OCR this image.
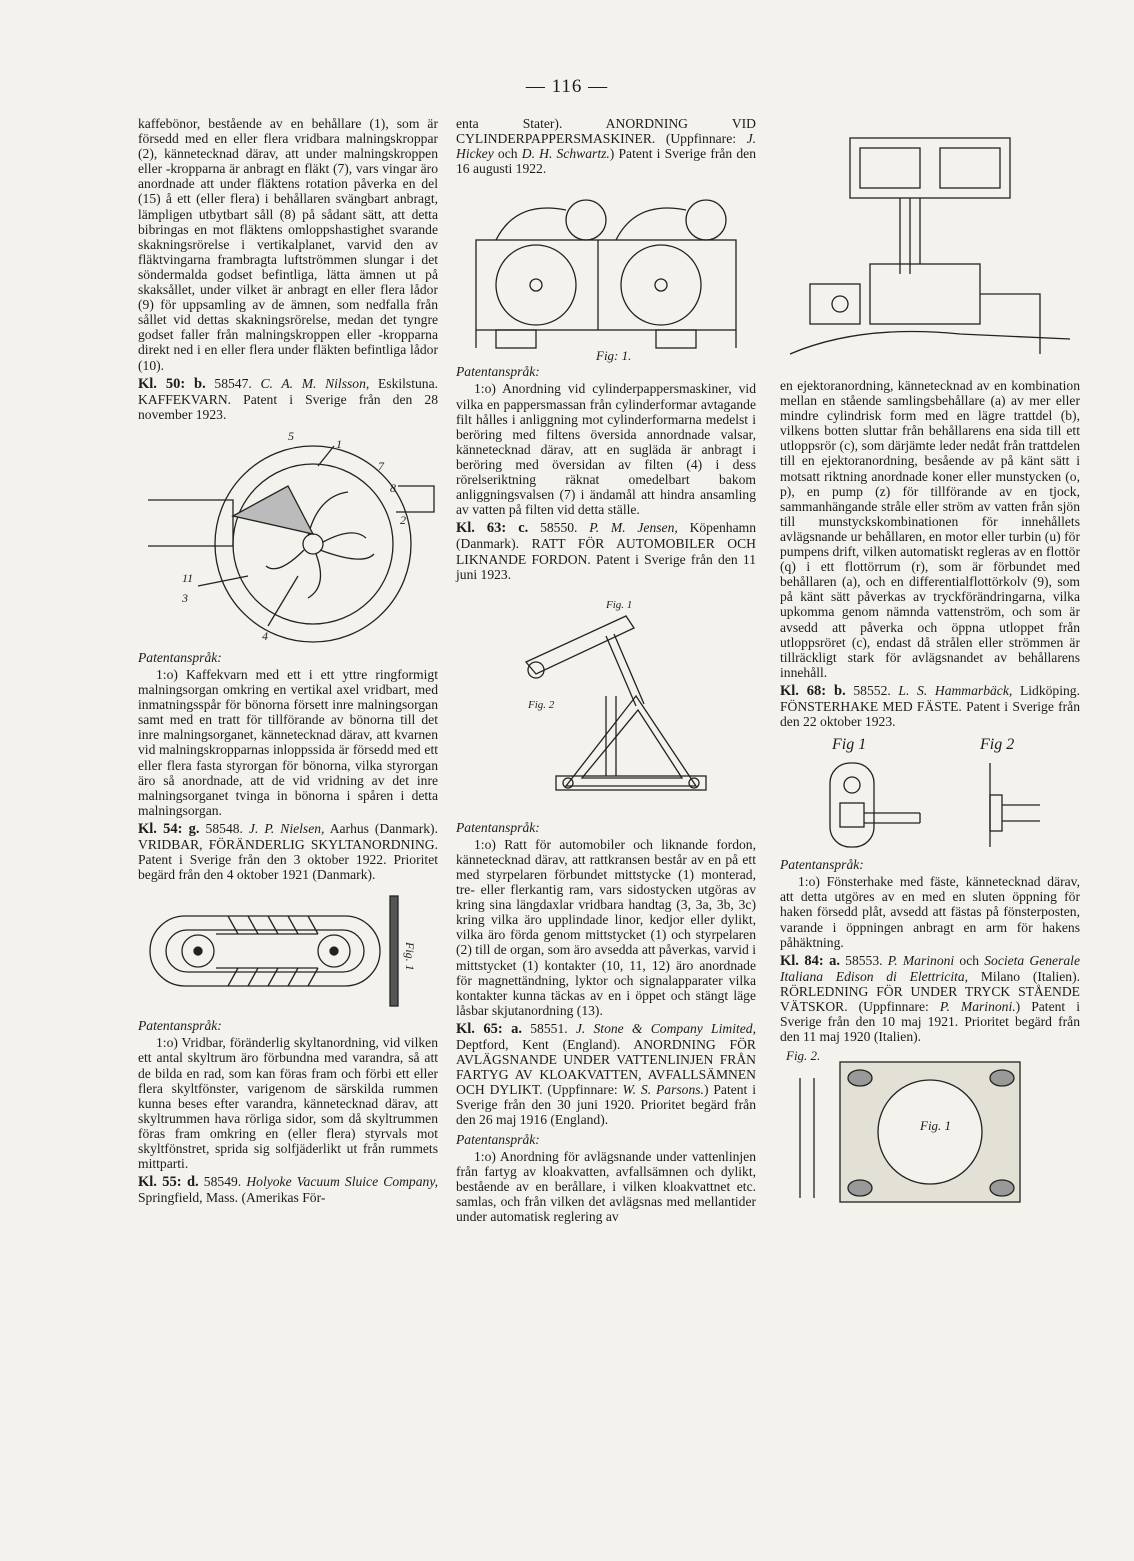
— 116 —

kaffebönor, bestående av en behållare (1), som är försedd med en eller flera vridbara malningskroppar (2), kännetecknad därav, att under malningskroppen eller -kropparna är anbragt en fläkt (7), vars vingar äro anordnade att under fläktens rotation påverka en del (15) å ett (eller flera) i behållaren svängbart anbragt, lämpligen utbytbart såll (8) på sådant sätt, att detta bibringas en mot fläktens omloppshastighet svarande skakningsrörelse i vertikalplanet, varvid den av fläktvingarna frambragta luftströmmen slungar i det söndermalda godset befintliga, lätta ämnen ut på skaksållet, under vilket är anbragt en eller flera lådor (9) för uppsamling av de ämnen, som nedfalla från sållet vid dettas skakningsrörelse, medan det tyngre godset faller från malningskroppen eller -kropparna direkt ned i en eller flera under fläkten befintliga lådor (10).

Kl. 50: b. 58547. C. A. M. Nilsson, Eskilstuna. KAFFEKVARN. Patent i Sverige från den 28 november 1923.

5
1
7
8
2
11
3
4
Patentanspråk:

1:o) Kaffekvarn med ett i ett yttre ringformigt malningsorgan omkring en vertikal axel vridbart, med inmatningsspår för bönorna försett inre malningsorgan samt med en tratt för tillförande av bönorna till det inre malningsorganet, kännetecknad därav, att kvarnen vid malningskropparnas inloppssida är försedd med ett eller flera fasta styrorgan för bönorna, vilka styrorgan äro så anordnade, att de vid vridning av det inre malningsorganet tvinga in bönorna i spåren i detta malningsorgan.

Kl. 54: g. 58548. J. P. Nielsen, Aarhus (Danmark). VRIDBAR, FÖRÄNDERLIG SKYLTANORDNING. Patent i Sverige från den 3 oktober 1922. Prioritet begärd från den 4 oktober 1921 (Danmark).

Fig. 1
Patentanspråk:

1:o) Vridbar, föränderlig skyltanordning, vid vilken ett antal skyltrum äro förbundna med varandra, så att de bilda en rad, som kan föras fram och förbi ett eller flera skyltfönster, varigenom de särskilda rummen kunna beses efter varandra, kännetecknad därav, att skyltrummen hava rörliga sidor, som då skyltrummen föras fram omkring en (eller flera) styrvals mot skyltfönstret, sprida sig solfjäderlikt ut från rummets mittparti.

Kl. 55: d. 58549. Holyoke Vacuum Sluice Company, Springfield, Mass. (Amerikas För-

enta Stater). ANORDNING VID CYLINDERPAPPERSMASKINER. (Uppfinnare: J. Hickey och D. H. Schwartz.) Patent i Sverige från den 16 augusti 1922.

Fig: 1.
Patentanspråk:

1:o) Anordning vid cylinderpappersmaskiner, vid vilka en pappersmassan från cylinderformar avtagande filt hålles i anliggning mot cylinderformarna medelst i beröring med filtens översida annordnade valsar, kännetecknad därav, att en sugläda är anbragt i beröring med översidan av filten (4) i dess rörelseriktning räknat omedelbart bakom anliggningsvalsen (7) i ändamål att hindra ansamling av vatten på filten vid detta ställe.

Kl. 63: c. 58550. P. M. Jensen, Köpenhamn (Danmark). RATT FÖR AUTOMOBILER OCH LIKNANDE FORDON. Patent i Sverige från den 11 juni 1923.

Fig. 1
Fig. 2
Patentanspråk:

1:o) Ratt för automobiler och liknande fordon, kännetecknad därav, att rattkransen består av en på ett med styrpelaren förbundet mittstycke (1) monterad, tre- eller flerkantig ram, vars sidostycken utgöras av kring sina längdaxlar vridbara handtag (3, 3a, 3b, 3c) kring vilka äro upplindade linor, kedjor eller dylikt, vilka äro förda genom mittstycket (1) och styrpelaren (2) till de organ, som äro avsedda att påverkas, varvid i mittstycket (1) kontakter (10, 11, 12) äro anordnade för magnettändning, lyktor och signalapparater vilka kontakter kunna täckas av en i öppet och stängt läge låsbar skjutanordning (13).

Kl. 65: a. 58551. J. Stone & Company Limited, Deptford, Kent (England). ANORDNING FÖR AVLÄGSNANDE UNDER VATTENLINJEN FRÅN FARTYG AV KLOAKVATTEN, AVFALLSÄMNEN OCH DYLIKT. (Uppfinnare: W. S. Parsons.) Patent i Sverige från den 30 juni 1920. Prioritet begärd från den 26 maj 1916 (England).

Patentanspråk:

1:o) Anordning för avlägsnande under vattenlinjen från fartyg av kloakvatten, avfallsämnen och dylikt, bestående av en berållare, i vilken kloakvattnet etc. samlas, och från vilken det avlägsnas med mellantider under automatisk reglering av

en ejektoranordning, kännetecknad av en kombination mellan en stående samlingsbehållare (a) av mer eller mindre cylindrisk form med en lägre trattdel (b), vilkens botten sluttar från behållarens ena sida till ett utloppsrör (c), som därjämte leder nedåt från trattdelen till en ejektoranordning, besående av på känt sätt i motsatt riktning anordnade koner eller munstycken (o, p), en pump (z) för tillförande av en tjock, sammanhängande stråle eller ström av vatten från sjön till munstyckskombinationen för innehållets avlägsnande ur behållaren, en motor eller turbin (u) för pumpens drift, vilken automatiskt regleras av en flottör (q) i ett flottörrum (r), som är förbundet med behållaren (a), och en differentialflottörkolv (9), som på känt sätt påverkas av tryckförändringarna, vilka upkomma genom nämnda vattenström, och som är avsedd att påverka och öppna utloppet från utloppsröret (c), endast då strålen eller strömmen är tillräckligt stark för avlägsnandet av behållarens innehåll.

Kl. 68: b. 58552. L. S. Hammarbäck, Lidköping. FÖNSTERHAKE MED FÄSTE. Patent i Sverige från den 22 oktober 1923.

Fig 1	Fig 2
Patentanspråk:

1:o) Fönsterhake med fäste, kännetecknad därav, att detta utgöres av en med en sluten öppning för haken försedd plåt, avsedd att fästas på fönsterposten, varande i öppningen anbragt en arm för hakens påhäktning.

Kl. 84: a. 58553. P. Marinoni och Societa Generale Italiana Edison di Elettricita, Milano (Italien). RÖRLEDNING FÖR UNDER TRYCK STÅENDE VÄTSKOR. (Uppfinnare: P. Marinoni.) Patent i Sverige från den 10 maj 1921. Prioritet begärd från den 11 maj 1920 (Italien).

Fig. 2.
Fig. 1
